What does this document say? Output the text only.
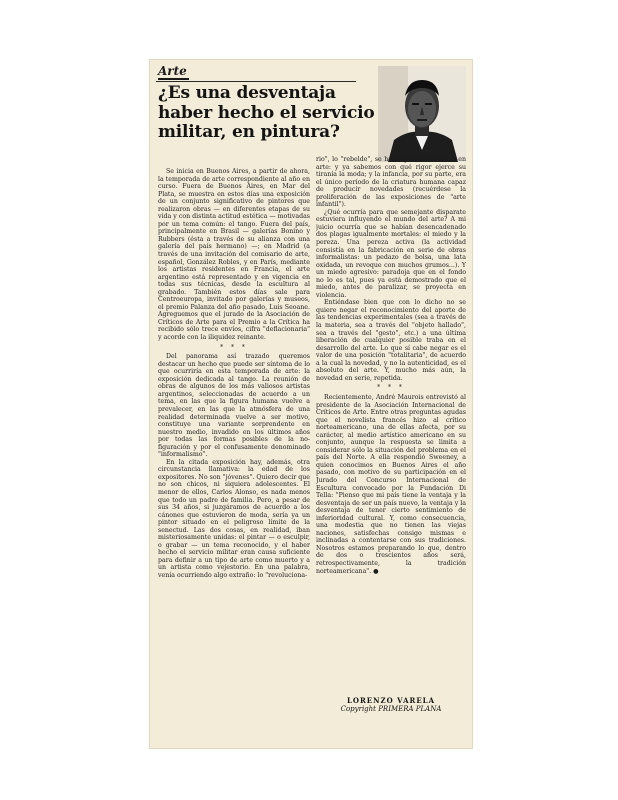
Arte
¿Es una desventaja
haber hecho el servicio
militar, en pintura?

Se inicia en Buenos Aires, a partir de ahora, la temporada de arte correspondiente al año en curso. Fuera de Buenos Aires, en Mar del Plata, se muestra en estos días una exposición de un conjunto significativo de pintores que realizaron obras — en diferentes etapas de su vida y con distinta actitud estética — motivadas por un tema común: el tango. Fuera del país, principalmente en Brasil — galerías Bonino y Rubbers (ésta a través de su alianza con una galería del país hermano) —; en Madrid (a través de una invitación del comisario de arte, español, González Robles, y en París, mediante los artistas residentes en Francia, el arte argentino está representado y en vigencia en todas sus técnicas, desde la escultura al grabado. También estos días sale para Centroeuropa, invitado por galerías y museos, el premio Palanza del año pasado, Luis Seoane. Agreguemos que el jurado de la Asociación de Críticos de Arte para el Premio a la Crítica ha recibido sólo trece envíos, cifra "deflacionaria" y acorde con la iliquidez reinante.

* * *

Del panorama así trazado queremos destacar un hecho que puede ser síntoma de lo que ocurriría en esta temporada de arte: la exposición dedicada al tango. La reunión de obras de algunos de los más valiosos artistas argentinos, seleccionadas de acuerdo a un tema, en las que la figura humana vuelve a prevalecer, en las que la atmósfera de una realidad determinada vuelve a ser motivo, constituye una variante sorprendente en nuestro medio, invadido en los últimos años por todas las formas posibles de la no-figuración y por el confusamente denominado "informalismo".

En la citada exposición hay, además, otra circunstancia llamativa: la edad de los expositores. No son "jóvenes". Quiero decir que no son chicos, ni siquiera adolescentes. El menor de ellos, Carlos Alonso, es nada menos que todo un padre de familia. Pero, a pesar de sus 34 años, si juzgáramos de acuerdo a los cánones que estuvieron de moda, sería ya un pintor situado en el peligroso límite de la senectud. Las dos cosas, en realidad, iban misteriosamente unidas: el pintar — o esculpir, o grabar — un tema reconocido, y el haber hecho el servicio militar eran causa suficiente para definir a un tipo de arte como muerto y a un artista como vejestorio. En una palabra, venía ocurriendo algo extraño: lo "revoluciona-

rio", lo "rebelde", se había puesto de moda en arte: y ya sabemos con qué rigor ejerce su tiranía la moda; y la infancia, por su parte, era el único período de la criatura humana capaz de producir novedades (recuérdese la proliferación de las exposiciones de "arte infantil").

¿Qué ocurría para que semejante disparate estuviera influyendo el mundo del arte? A mi juicio ocurría que se habían desencadenado dos plagas igualmente mortales: el miedo y la pereza. Una pereza activa (la actividad consistía en la fabricación en serie de obras informalistas: un pedazo de bolsa, una lata oxidada, un revoque con muchos grumos...). Y un miedo agresivo: paradoja que en el fondo no lo es tal, pues ya está demostrado que el miedo, antes de paralizar, se proyecta en violencia.

Entiéndase bien que con lo dicho no se quiere negar el reconocimiento del aporte de las tendencias experimentales (sea a través de la materia, sea a través del "objeto hallado", sea a través del "gesto", etc.) a una última liberación de cualquier posible traba en el desarrollo del arte. Lo que sí cabe negar es el valor de una posición "totalitaria", de acuerdo a la cual la novedad, y no la autenticidad, es el absoluto del arte. Y, mucho más aún, la novedad en serie, repetida.

* * *

Recientemente, André Maurois entrevistó al presidente de la Asociación Internacional de Críticos de Arte. Entre otras preguntas agudas que el novelista francés hizo al crítico norteamericano, una de ellas afecta, por su carácter, al medio artístico americano en su conjunto, aunque la respuesta se limita a considerar sólo la situación del problema en el país del Norte. A ella respondió Sweeney, a quien conocimos en Buenos Aires el año pasado, con motivo de su participación en el Jurado del Concurso Internacional de Escultura convocado por la Fundación Di Tella: "Pienso que mi país tiene la ventaja y la desventaja de ser un país nuevo, la ventaja y la desventaja de tener cierto sentimiento de inferioridad cultural. Y, como consecuencia, una modestia que no tienen las viejas naciones, satisfechas consigo mismas e inclinadas a contentarse con sus tradiciones. Nosotros estamos preparando lo que, dentro de dos o trescientos años será, retrospectivamente, la tradición norteamericana". ●

LORENZO VARELA
Copyright PRIMERA PLANA
